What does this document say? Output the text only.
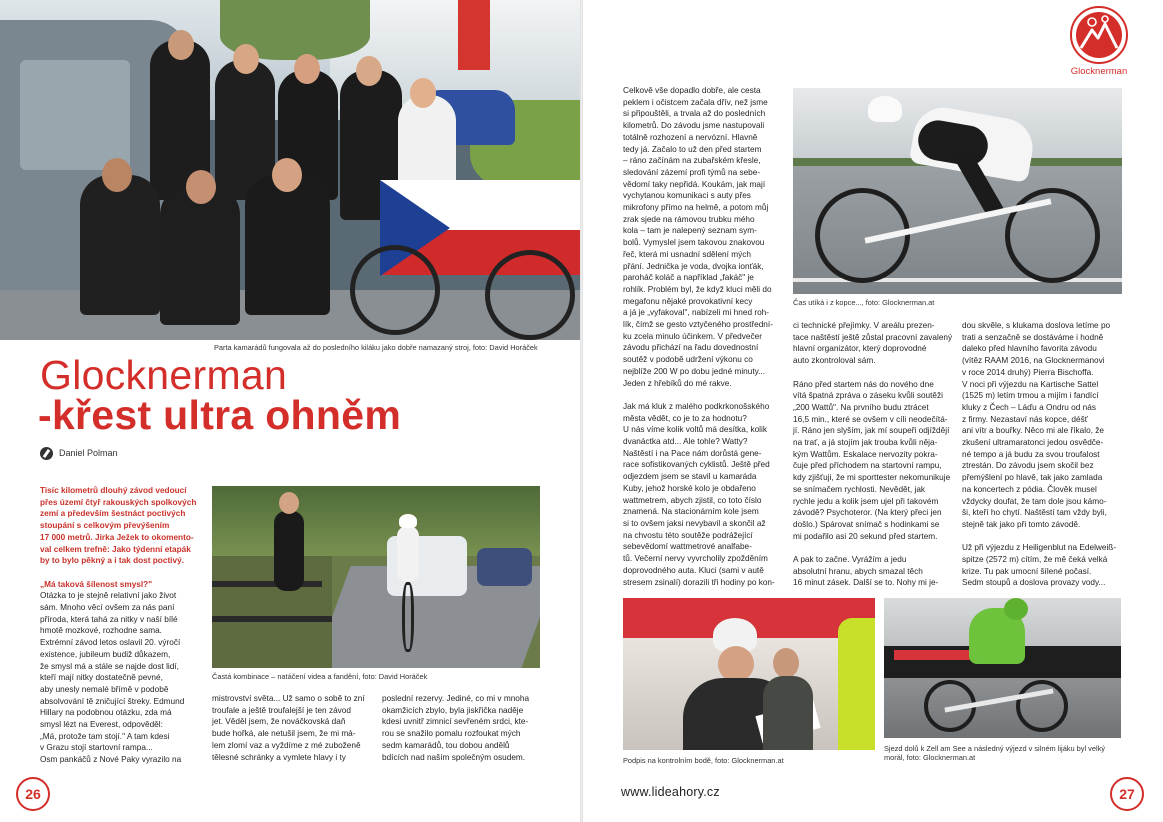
Parta kamarádů fungovala až do posledního kiláku jako dobře namazaný stroj, foto: David Horáček
Glocknerman
-křest ultra ohněm
Daniel Polman
Častá kombinace – natáčení videa a fandění, foto: David Horáček

Tisíc kilometrů dlouhý závod vedoucí

přes území čtyř rakouských spolkových

zemí a především šestnáct poctivých

stoupání s celkovým převýšením

17 000 metrů. Jirka Ježek to okomento-

val celkem trefně: Jako týdenní etapák

by to bylo pěkný a i tak dost poctivý.

„Má taková šílenost smysl?"

Otázka to je stejně relativní jako život

sám. Mnoho věcí ovšem za nás paní

příroda, která tahá za nitky v naší bílé

hmotě mozkové, rozhodne sama.

Extrémní závod letos oslavil 20. výročí

existence, jubileum budiž důkazem,

že smysl má a stále se najde dost lidí,

kteří mají nitky dostatečně pevné,

aby unesly nemalé břímě v podobě

absolvování tě zničující štreky. Edmund

Hillary na podobnou otázku, zda má

smysl lézt na Everest, odpověděl:

„Má, protože tam stojí." A tam kdesi

v Grazu stojí startovní rampa...

Osm pankáčů z Nové Paky vyrazilo na

mistrovství světa... Už samo o sobě to zní

troufale a ještě troufalejší je ten závod

jet. Věděl jsem, že nováčkovská daň

bude hořká, ale netušil jsem, že mi má-

lem zlomí vaz a vyždíme z mé zuboženě

tělesné schránky a vymlete hlavy i ty

poslední rezervy. Jediné, co mi v mnoha

okamžicích zbylo, byla jiskřička naděje

kdesi uvnitř zimnicí sevřeném srdci, kte-

rou se snažilo pomalu rozfoukat mých

sedm kamarádů, tou dobou andělů

bdících nad naším společným osudem.

26

Celkově vše dopadlo dobře, ale cesta

peklem i očistcem začala dřív, než jsme

si připouštěli, a trvala až do posledních

kilometrů. Do závodu jsme nastupovali

totálně rozhození a nervózní. Hlavně

tedy já. Začalo to už den před startem

– ráno začínám na zubařském křesle,

sledování zázemí profi týmů na sebe-

vědomí taky nepřidá. Koukám, jak mají

vychytanou komunikaci s auty přes

mikrofony přímo na helmě, a potom můj

zrak sjede na rámovou trubku mého

kola – tam je nalepený seznam sym-

bolů. Vymyslel jsem takovou znakovou

řeč, která mi usnadní sdělení mých

přání. Jednička je voda, dvojka ionťák,

paroháč koláč a například „fakáč" je

rohlík. Problém byl, že když kluci měli do

megafonu nějaké provokativní kecy

a já je „vyfakoval", nabízeli mi hned roh-

lík, čímž se gesto vztyčeného prostřední-

ku zcela minulo účinkem. V předvečer

závodu přichází na řadu dovednostní

soutěž v podobě udržení výkonu co

nejblíže 200 W po dobu jedné minuty...

Jeden z hřebíků do mé rakve.

Jak má kluk z malého podkrkonošského

města vědět, co je to za hodnotu?

U nás víme kolik voltů má desítka, kolik

dvanáctka atd... Ale tohle? Watty?

Naštěstí i na Pace nám dorůstá gene-

race sofistikovaných cyklistů. Ještě před

odjezdem jsem se stavil u kamaráda

Kuby, jehož horské kolo je obdařeno

wattmetrem, abych zjistil, co toto číslo

znamená. Na stacionárním kole jsem

si to ovšem jaksi nevybavil a skončil až

na chvostu této soutěže podrážející

sebevědomí wattmetrové analfabe-

tů. Večerní nervy vyvrcholily zpožděním

doprovodného auta. Kluci (sami v autě

stresem zsinalí) dorazili tři hodiny po kon-

Čas utíká i z kopce..., foto: Glocknerman.at

ci technické přejímky. V areálu prezen-

tace naštěstí ještě zůstal pracovní zavalený

hlavní organizátor, který doprovodné

auto zkontroloval sám.

Ráno před startem nás do nového dne

vítá špatná zpráva o záseku kvůli soutěži

„200 Wattů". Na prvního budu ztrácet

16,5 min., které se ovšem v cíli neodečítá-

jí. Ráno jen slyším, jak mí soupeři odjíždějí

na trať, a já stojím jak trouba kvůli něja-

kým Wattům. Eskalace nervozity pokra-

čuje před příchodem na startovní rampu,

kdy zjišťuji, že mi sporttester nekomunikuje

se snímačem rychlosti. Nevědět, jak

rychle jedu a kolik jsem ujel při takovém

závodě? Psychoteror. (Na který přeci jen

došlo.) Spárovat snímač s hodinkami se

mi podařilo asi 20 sekund před startem.

A pak to začne. Vyrážím a jedu

absolutní hranu, abych smazal těch

16 minut zásek. Další se to. Nohy mi je-

dou skvěle, s klukama doslova letíme po

trati a senzačně se dostáváme i hodně

daleko před hlavního favorita závodu

(vítěz RAAM 2016, na Glocknermanovi

v roce 2014 druhý) Pierra Bischoffa.

V noci při výjezdu na Kartische Sattel

(1525 m) letím trmou a mijím i fandící

kluky z Čech – Láďu a Ondru od nás

z firmy. Nezastaví nás kopce, déšť

ani vítr a bouřky. Něco mi ale říkalo, že

zkušení ultramaratonci jedou osvědče-

né tempo a já budu za svou troufalost

ztrestán. Do závodu jsem skočil bez

přemýšlení po hlavě, tak jako zamlada

na koncertech z pódia. Člověk musel

vždycky doufat, že tam dole jsou kámo-

ši, kteří ho chytí. Naštěstí tam vždy byli,

stejně tak jako při tomto závodě.

Už při výjezdu z Heiligenblut na Edelweiß-

spitze (2572 m) cítím, že mě čeká velká

krize. Tu pak umocní šílené počasí.

Sedm stoupů a doslova provazy vody...

Podpis na kontrolním bodě, foto: Glocknerman.at
Sjezd dolů k Zell am See a následný výjezd v silném lijáku byl velký
morál, foto: Glocknerman.at
Glocknerman
www.lideahory.cz	27
